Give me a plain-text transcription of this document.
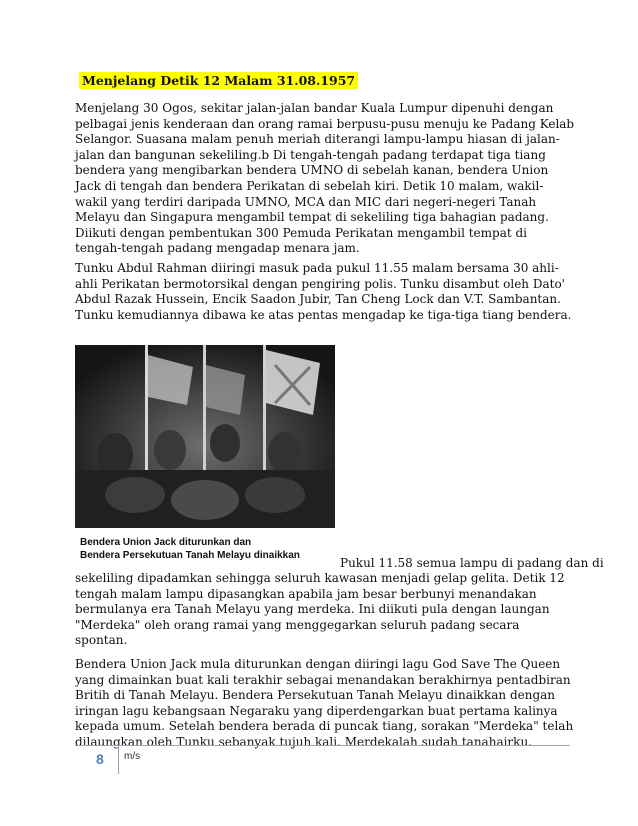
Menjelang Detik 12 Malam 31.08.1957

Menjelang 30 Ogos, sekitar jalan-jalan bandar Kuala Lumpur dipenuhi dengan pelbagai jenis kenderaan dan orang ramai berpusu-pusu menuju ke Padang Kelab Selangor. Suasana malam penuh meriah diterangi lampu-lampu hiasan di jalan-jalan dan bangunan sekeliling.b Di tengah-tengah padang terdapat tiga tiang bendera yang mengibarkan bendera UMNO di sebelah kanan, bendera Union Jack di tengah dan bendera Perikatan di sebelah kiri. Detik 10 malam, wakil-wakil yang terdiri daripada UMNO, MCA dan MIC dari negeri-negeri Tanah Melayu dan Singapura mengambil tempat di sekeliling tiga bahagian padang. Diikuti dengan pembentukan 300 Pemuda Perikatan mengambil tempat di tengah-tengah padang mengadap menara jam.

Tunku Abdul Rahman diiringi masuk pada pukul 11.55 malam bersama 30 ahli-ahli Perikatan bermotorsikal dengan pengiring polis. Tunku disambut oleh Dato' Abdul Razak Hussein, Encik Saadon Jubir, Tan Cheng Lock dan V.T. Sambantan. Tunku kemudiannya dibawa ke atas pentas mengadap ke tiga-tiga tiang bendera.

Bendera Union Jack diturunkan dan
Bendera Persekutuan Tanah Melayu dinaikkan

Pukul 11.58 semua lampu di padang dan di

sekeliling dipadamkan sehingga seluruh kawasan menjadi gelap gelita. Detik 12 tengah malam lampu dipasangkan apabila jam besar berbunyi menandakan bermulanya era Tanah Melayu yang merdeka. Ini diikuti pula dengan laungan "Merdeka" oleh orang ramai yang menggegarkan seluruh padang secara spontan.

Bendera Union Jack mula diturunkan dengan diiringi lagu God Save The Queen yang dimainkan buat kali terakhir sebagai menandakan berakhirnya pentadbiran Britih di Tanah Melayu. Bendera Persekutuan Tanah Melayu dinaikkan dengan iringan lagu kebangsaan Negaraku yang diperdengarkan buat pertama kalinya kepada umum. Setelah bendera berada di puncak tiang, sorakan "Merdeka" telah dilaungkan oleh Tunku sebanyak tujuh kali. Merdekalah sudah tanahairku.

8 m/s
